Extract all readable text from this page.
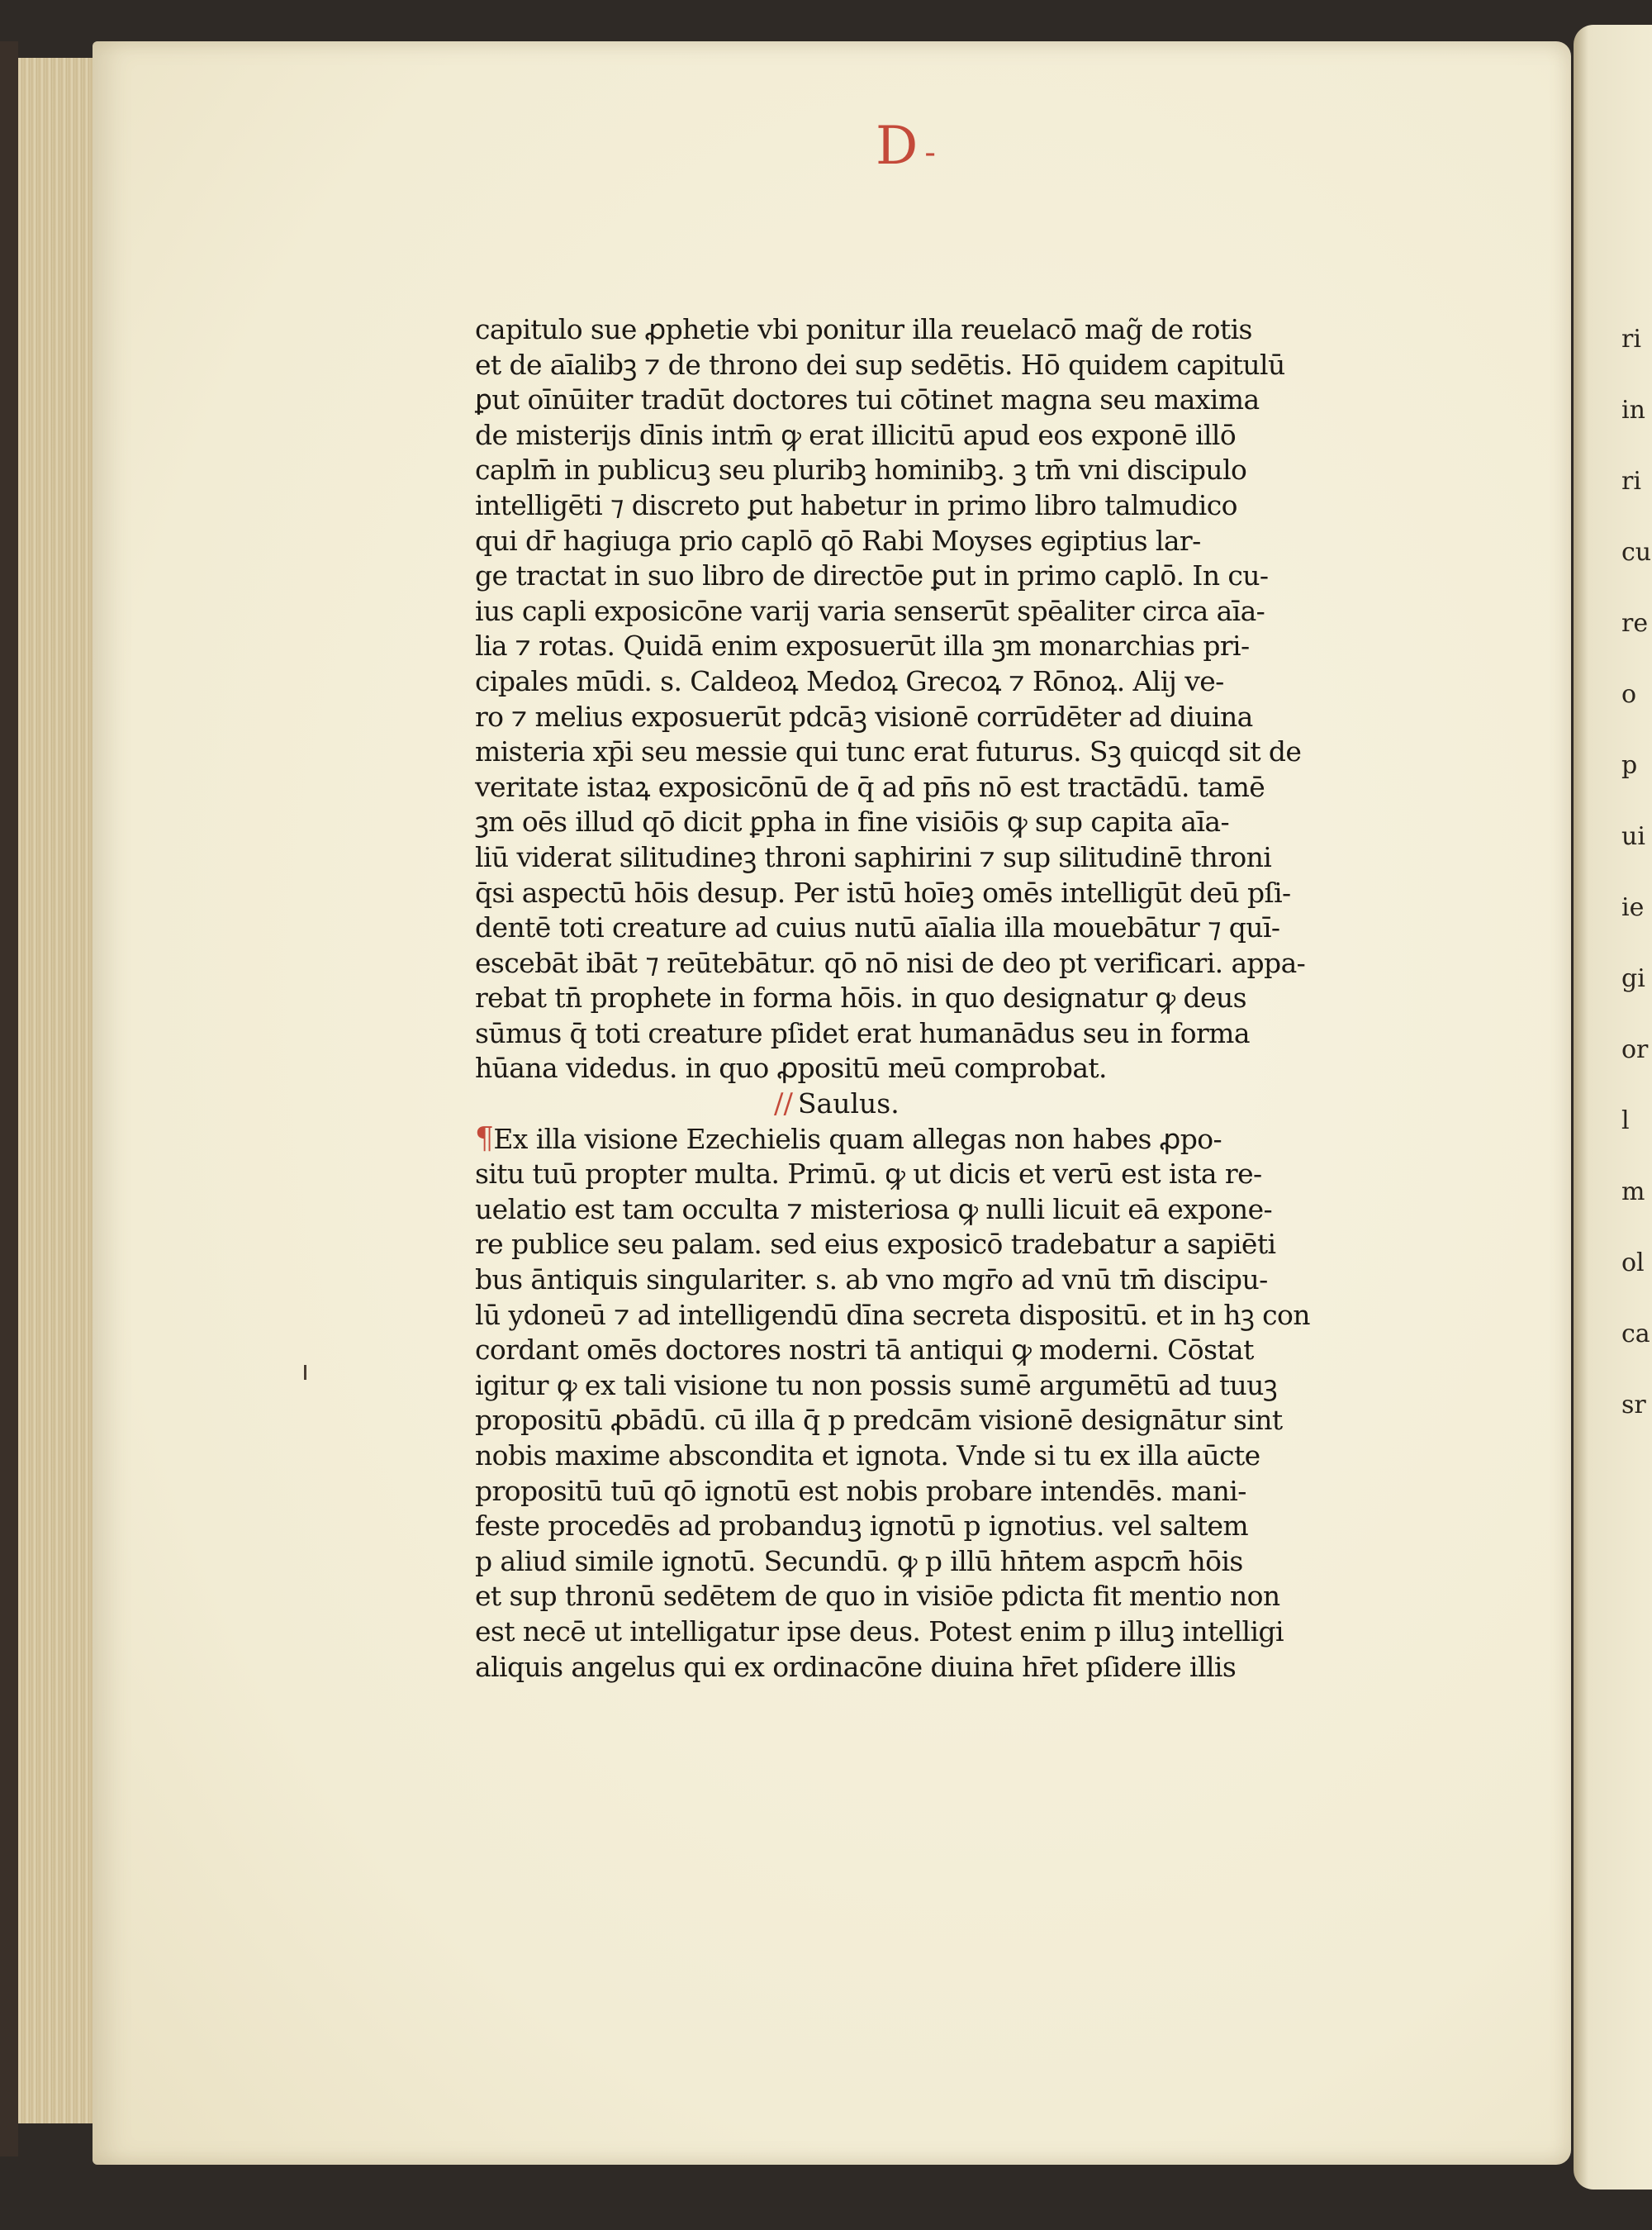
ri
in
ri
cu
re
o
p
ui
ie
gi
or
l
m
ol
ca
sr
D -
capitulo sue ꝓphetie vbi ponitur illa reuelacō mag̃ de rotis
et de aīalibꝫ ⁊ de throno dei sup sedētis. Hō quidem capitulū
ꝑut oīnūiter tradūt doctores tui cōtinet magna seu maxima
de misterijs dīnis intm̄ ꝙ erat illicitū apud eos exponē illō
caplm̄ in publicuꝫ seu pluribꝫ hominibꝫ. ꝫ tm̄ vni discipulo
intelligēti ⁊ discreto ꝑut habetur in primo libro talmudico
qui dr̄ hagiuga prio caplō qō Rabi Moyses egiptius lar-
ge tractat in suo libro de directōe ꝑut in primo caplō. In cu-
ius capli exposicōne varij varia senserūt spēaliter circa aīa-
lia ⁊ rotas. Quidā enim exposuerūt illa ꝫm monarchias pri-
cipales mūdi. s. Caldeoꝝ Medoꝝ Grecoꝝ ⁊ Rōnoꝝ. Alij ve-
ro ⁊ melius exposuerūt pdcāꝫ visionē corrūdēter ad diuina
misteria xp̄i seu messie qui tunc erat futurus. Sꝫ quicqd sit de
veritate istaꝝ exposicōnū de q̄ ad pn̄s nō est tractādū. tamē
ꝫm oēs illud qō dicit ꝑpha in fine visiōis ꝙ sup capita aīa-
liū viderat silitudineꝫ throni saphirini ⁊ sup silitudinē throni
q̄si aspectū hōis desup. Per istū hoīeꝫ omēs intelligūt deū pſi-
dentē toti creature ad cuius nutū aīalia illa mouebātur ⁊ quī-
escebāt ibāt ⁊ reūtebātur. qō nō nisi de deo pt verificari. appa-
rebat tn̄ prophete in forma hōis. in quo designatur ꝙ deus
sūmus q̄ toti creature pſidet erat humanādus seu in forma
hūana videdus. in quo ꝓpositū meū comprobat.
// Saulus.
¶Ex illa visione Ezechielis quam allegas non habes ꝓpo-
situ tuū propter multa. Primū. ꝙ ut dicis et verū est ista re-
uelatio est tam occulta ⁊ misteriosa ꝙ nulli licuit eā expone-
re publice seu palam. sed eius exposicō tradebatur a sapiēti
bus āntiquis singulariter. s. ab vno mgr̄o ad vnū tm̄ discipu-
lū ydoneū ⁊ ad intelligendū dīna secreta dispositū. et in hꝫ con
cordant omēs doctores nostri tā antiqui ꝙ moderni. Cōstat
igitur ꝙ ex tali visione tu non possis sumē argumētū ad tuuꝫ
propositū ꝓbādū. cū illa q̄ p predcām visionē designātur sint
nobis maxime abscondita et ignota. Vnde si tu ex illa aūcte
propositū tuū qō ignotū est nobis probare intendēs. mani-
feste procedēs ad probanduꝫ ignotū p ignotius. vel saltem
p aliud simile ignotū. Secundū. ꝙ p illū hn̄tem aspcm̄ hōis
et sup thronū sedētem de quo in visiōe pdicta fit mentio non
est necē ut intelligatur ipse deus. Potest enim p illuꝫ intelligi
aliquis angelus qui ex ordinacōne diuina hr̄et pſidere illis
